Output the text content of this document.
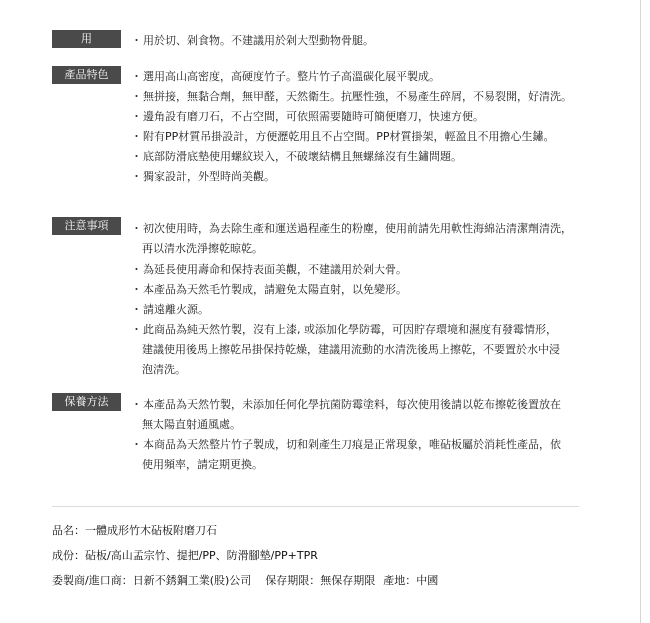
用 途
・用於切、剁食物。不建議用於剁大型動物骨腿。
產品特色	・選用高山高密度，高硬度竹子。整片竹子高溫碳化展平製成。
・無拼接，無黏合劑，無甲醛，天然衛生。抗壓性強，不易產生碎屑，不易裂開，好清洗。
・邊角設有磨刀石，不占空間，可依照需要隨時可簡便磨刀，快速方便。
・附有PP材質吊掛設計，方便瀝乾用且不占空間。PP材質掛架，輕盈且不用擔心生鏽。
・底部防滑底墊使用螺紋崁入，不破壞結構且無螺絲沒有生鏽問題。
・獨家設計，外型時尚美觀。
注意事項	・初次使用時，為去除生產和運送過程產生的粉塵，使用前請先用軟性海綿沾清潔劑清洗，
再以清水洗淨擦乾晾乾。
・為延長使用壽命和保持表面美觀，不建議用於剁大骨。
・本產品為天然毛竹製成，請避免太陽直射，以免變形。
・請遠離火源。
・此商品為純天然竹製，沒有上漆, 或添加化學防霉，可因貯存環境和濕度有發霉情形，
建議使用後馬上擦乾吊掛保持乾燥，建議用流動的水清洗後馬上擦乾，不要置於水中浸
泡清洗。
保養方法	・本產品為天然竹製，未添加任何化學抗菌防霉塗料，每次使用後請以乾布擦乾後置放在
無太陽直射通風處。
・本商品為天然整片竹子製成，切和剁產生刀痕是正常現象，唯砧板屬於消耗性產品，依
使用頻率，請定期更換。
品名：一體成形竹木砧板附磨刀石
成份：砧板/高山孟宗竹、提把/PP、防滑腳墊/PP+TPR
委製商/進口商：日新不銹鋼工業(股)公司 保存期限：無保存期限 產地：中國
